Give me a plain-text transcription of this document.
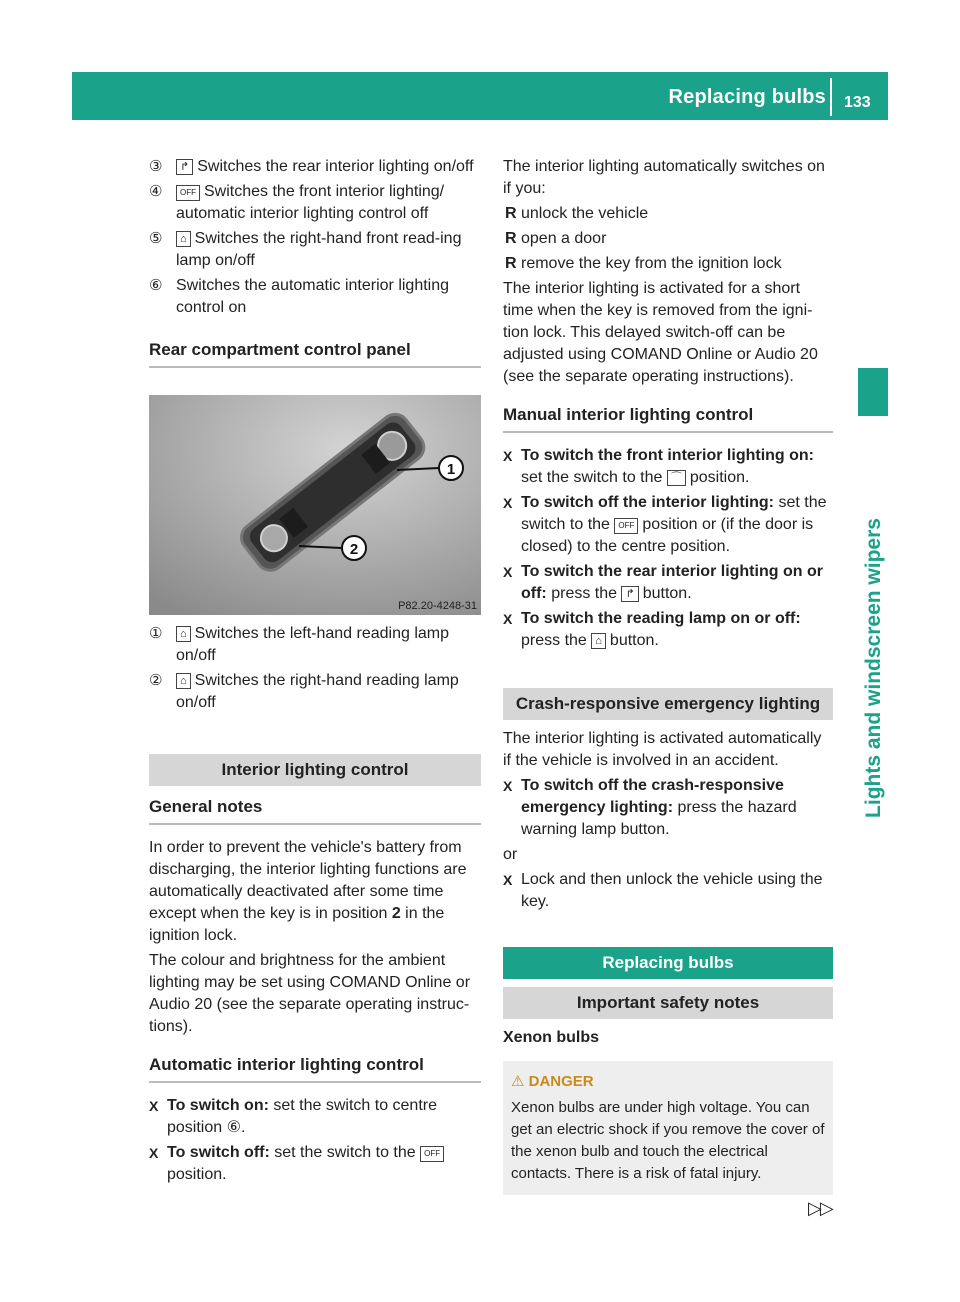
Replacing bulbs 133
Lights and windscreen wipers

③ ↱ Switches the rear interior lighting on/off

④ OFF Switches the front interior lighting/ automatic interior lighting control off

⑤ ⌂ Switches the right-hand front read-ing lamp on/off

⑥ Switches the automatic interior lighting control on

Rear compartment control panel

1
2
P82.20-4248-31

① ⌂ Switches the left-hand reading lamp on/off

② ⌂ Switches the right-hand reading lamp on/off

Interior lighting control

General notes

In order to prevent the vehicle's battery from discharging, the interior lighting functions are automatically deactivated after some time except when the key is in position 2 in the ignition lock.

The colour and brightness for the ambient lighting may be set using COMAND Online or Audio 20 (see the separate operating instruc-tions).

Automatic interior lighting control

X To switch on: set the switch to centre position ⑥.

X To switch off: set the switch to the OFFposition.

The interior lighting automatically switches on if you:

R unlock the vehicle

R open a door

R remove the key from the ignition lock

The interior lighting is activated for a short time when the key is removed from the igni-tion lock. This delayed switch-off can be adjusted using COMAND Online or Audio 20 (see the separate operating instructions).

Manual interior lighting control

X To switch the front interior lighting on:
set the switch to the ⌒ position.

X To switch off the interior lighting: set the switch to the OFF position or (if the door is closed) to the centre position.

X To switch the rear interior lighting on or off: press the ↱ button.

X To switch the reading lamp on or off:
press the ⌂ button.

Crash-responsive emergency lighting

The interior lighting is activated automatically if the vehicle is involved in an accident.

X To switch off the crash-responsive emergency lighting: press the hazard warning lamp button.

or

X Lock and then unlock the vehicle using the key.

Replacing bulbs

Important safety notes

Xenon bulbs

⚠ DANGER
Xenon bulbs are under high voltage. You can get an electric shock if you remove the cover of the xenon bulb and touch the electrical contacts. There is a risk of fatal injury.
▷▷
